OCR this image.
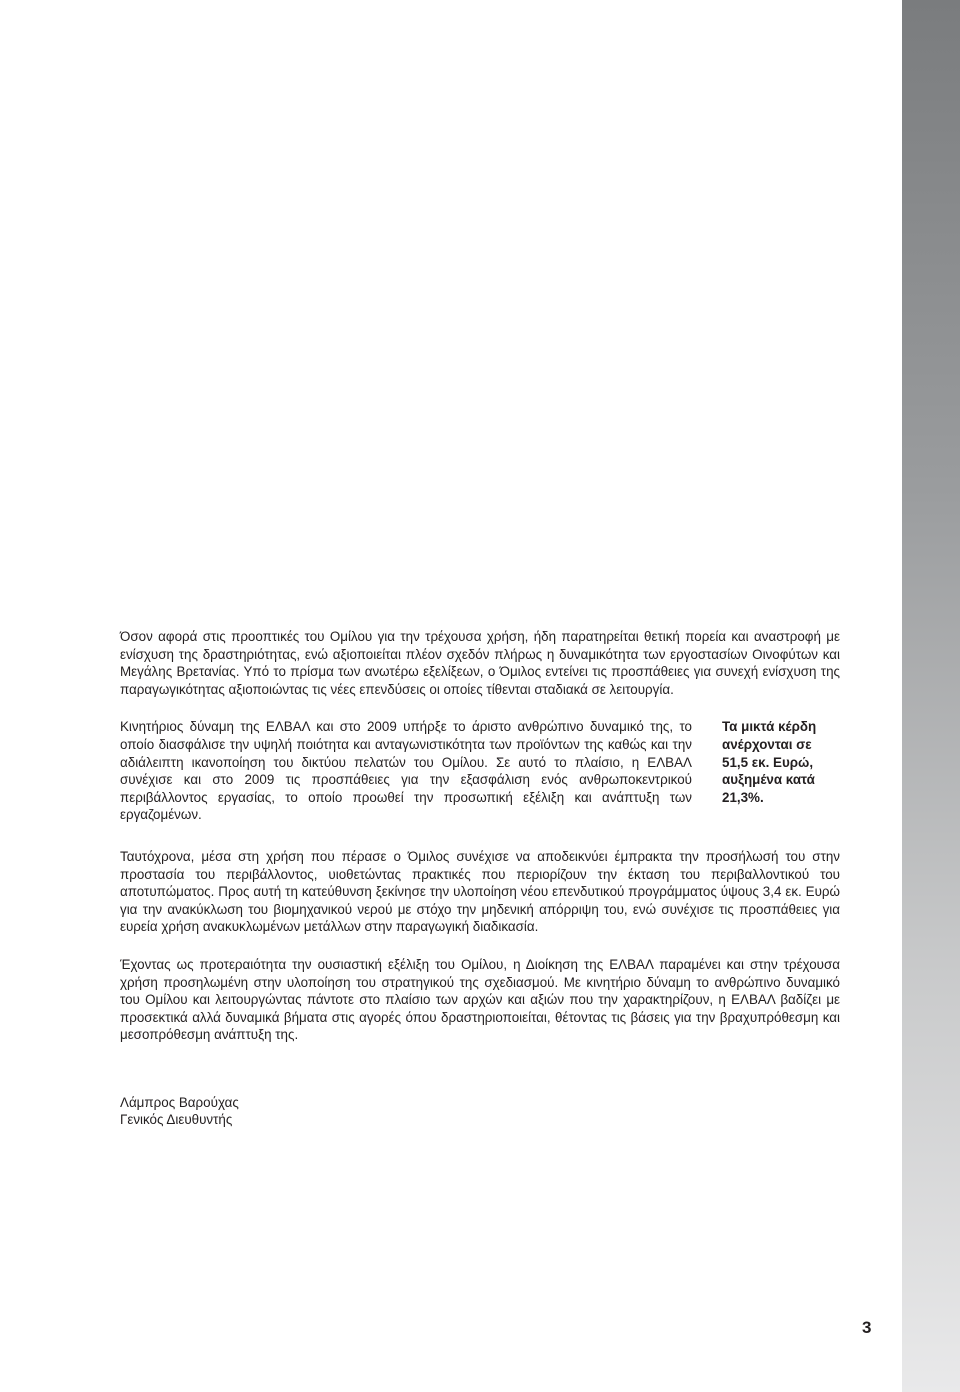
Όσον αφορά στις προοπτικές του Ομίλου για την τρέχουσα χρήση, ήδη παρατηρείται θετική πορεία και αναστροφή με ενίσχυση της δραστηριότητας, ενώ αξιοποιείται πλέον σχεδόν πλήρως η δυναμικότητα των εργοστασίων Οινοφύτων και Μεγάλης Βρετανίας. Υπό το πρίσμα των ανωτέρω εξελίξεων, ο Όμιλος εντείνει τις προσπάθειες για συνεχή ενίσχυση της παραγωγικότητας αξιοποιώντας τις νέες επενδύσεις οι οποίες τίθενται σταδιακά σε λειτουργία.

Κινητήριος δύναμη της ΕΛΒΑΛ και στο 2009 υπήρξε το άριστο ανθρώπινο δυναμικό της, το οποίο διασφάλισε την υψηλή ποιότητα και ανταγωνιστικότητα των προϊόντων της καθώς και την αδιάλειπτη ικανοποίηση του δικτύου πελατών του Ομίλου. Σε αυτό το πλαίσιο, η ΕΛΒΑΛ συνέχισε και στο 2009 τις προσπάθειες για την εξασφάλιση ενός ανθρωποκεντρικού περιβάλλοντος εργασίας, το οποίο προωθεί την προσωπική εξέλιξη και ανάπτυξη των εργαζομένων.

Τα μικτά κέρδη ανέρχονται σε 51,5 εκ. Ευρώ, αυξημένα κατά 21,3%.

Ταυτόχρονα, μέσα στη χρήση που πέρασε ο Όμιλος συνέχισε να αποδεικνύει έμπρακτα την προσήλωσή του στην προστασία του περιβάλλοντος, υιοθετώντας πρακτικές που περιορίζουν την έκταση του περιβαλλοντικού του αποτυπώματος. Προς αυτή τη κατεύθυνση ξεκίνησε την υλοποίηση νέου επενδυτικού προγράμματος ύψους 3,4 εκ. Ευρώ για την ανακύκλωση του βιομηχανικού νερού με στόχο την μηδενική απόρριψη του, ενώ συνέχισε τις προσπάθειες για ευρεία χρήση ανακυκλωμένων μετάλλων στην παραγωγική διαδικασία.

Έχοντας ως προτεραιότητα την ουσιαστική εξέλιξη του Ομίλου, η Διοίκηση της ΕΛΒΑΛ παραμένει και στην τρέχουσα χρήση προσηλωμένη στην υλοποίηση του στρατηγικού της σχεδιασμού. Με κινητήριο δύναμη το ανθρώπινο δυναμικό του Ομίλου και λειτουργώντας πάντοτε στο πλαίσιο των αρχών και αξιών που την χαρακτηρίζουν, η ΕΛΒΑΛ βαδίζει με προσεκτικά αλλά δυναμικά βήματα στις αγορές όπου δραστηριοποιείται, θέτοντας τις βάσεις για την βραχυπρόθεσμη και μεσοπρόθεσμη ανάπτυξη της.

Λάμπρος Βαρούχας
Γενικός Διευθυντής
3
